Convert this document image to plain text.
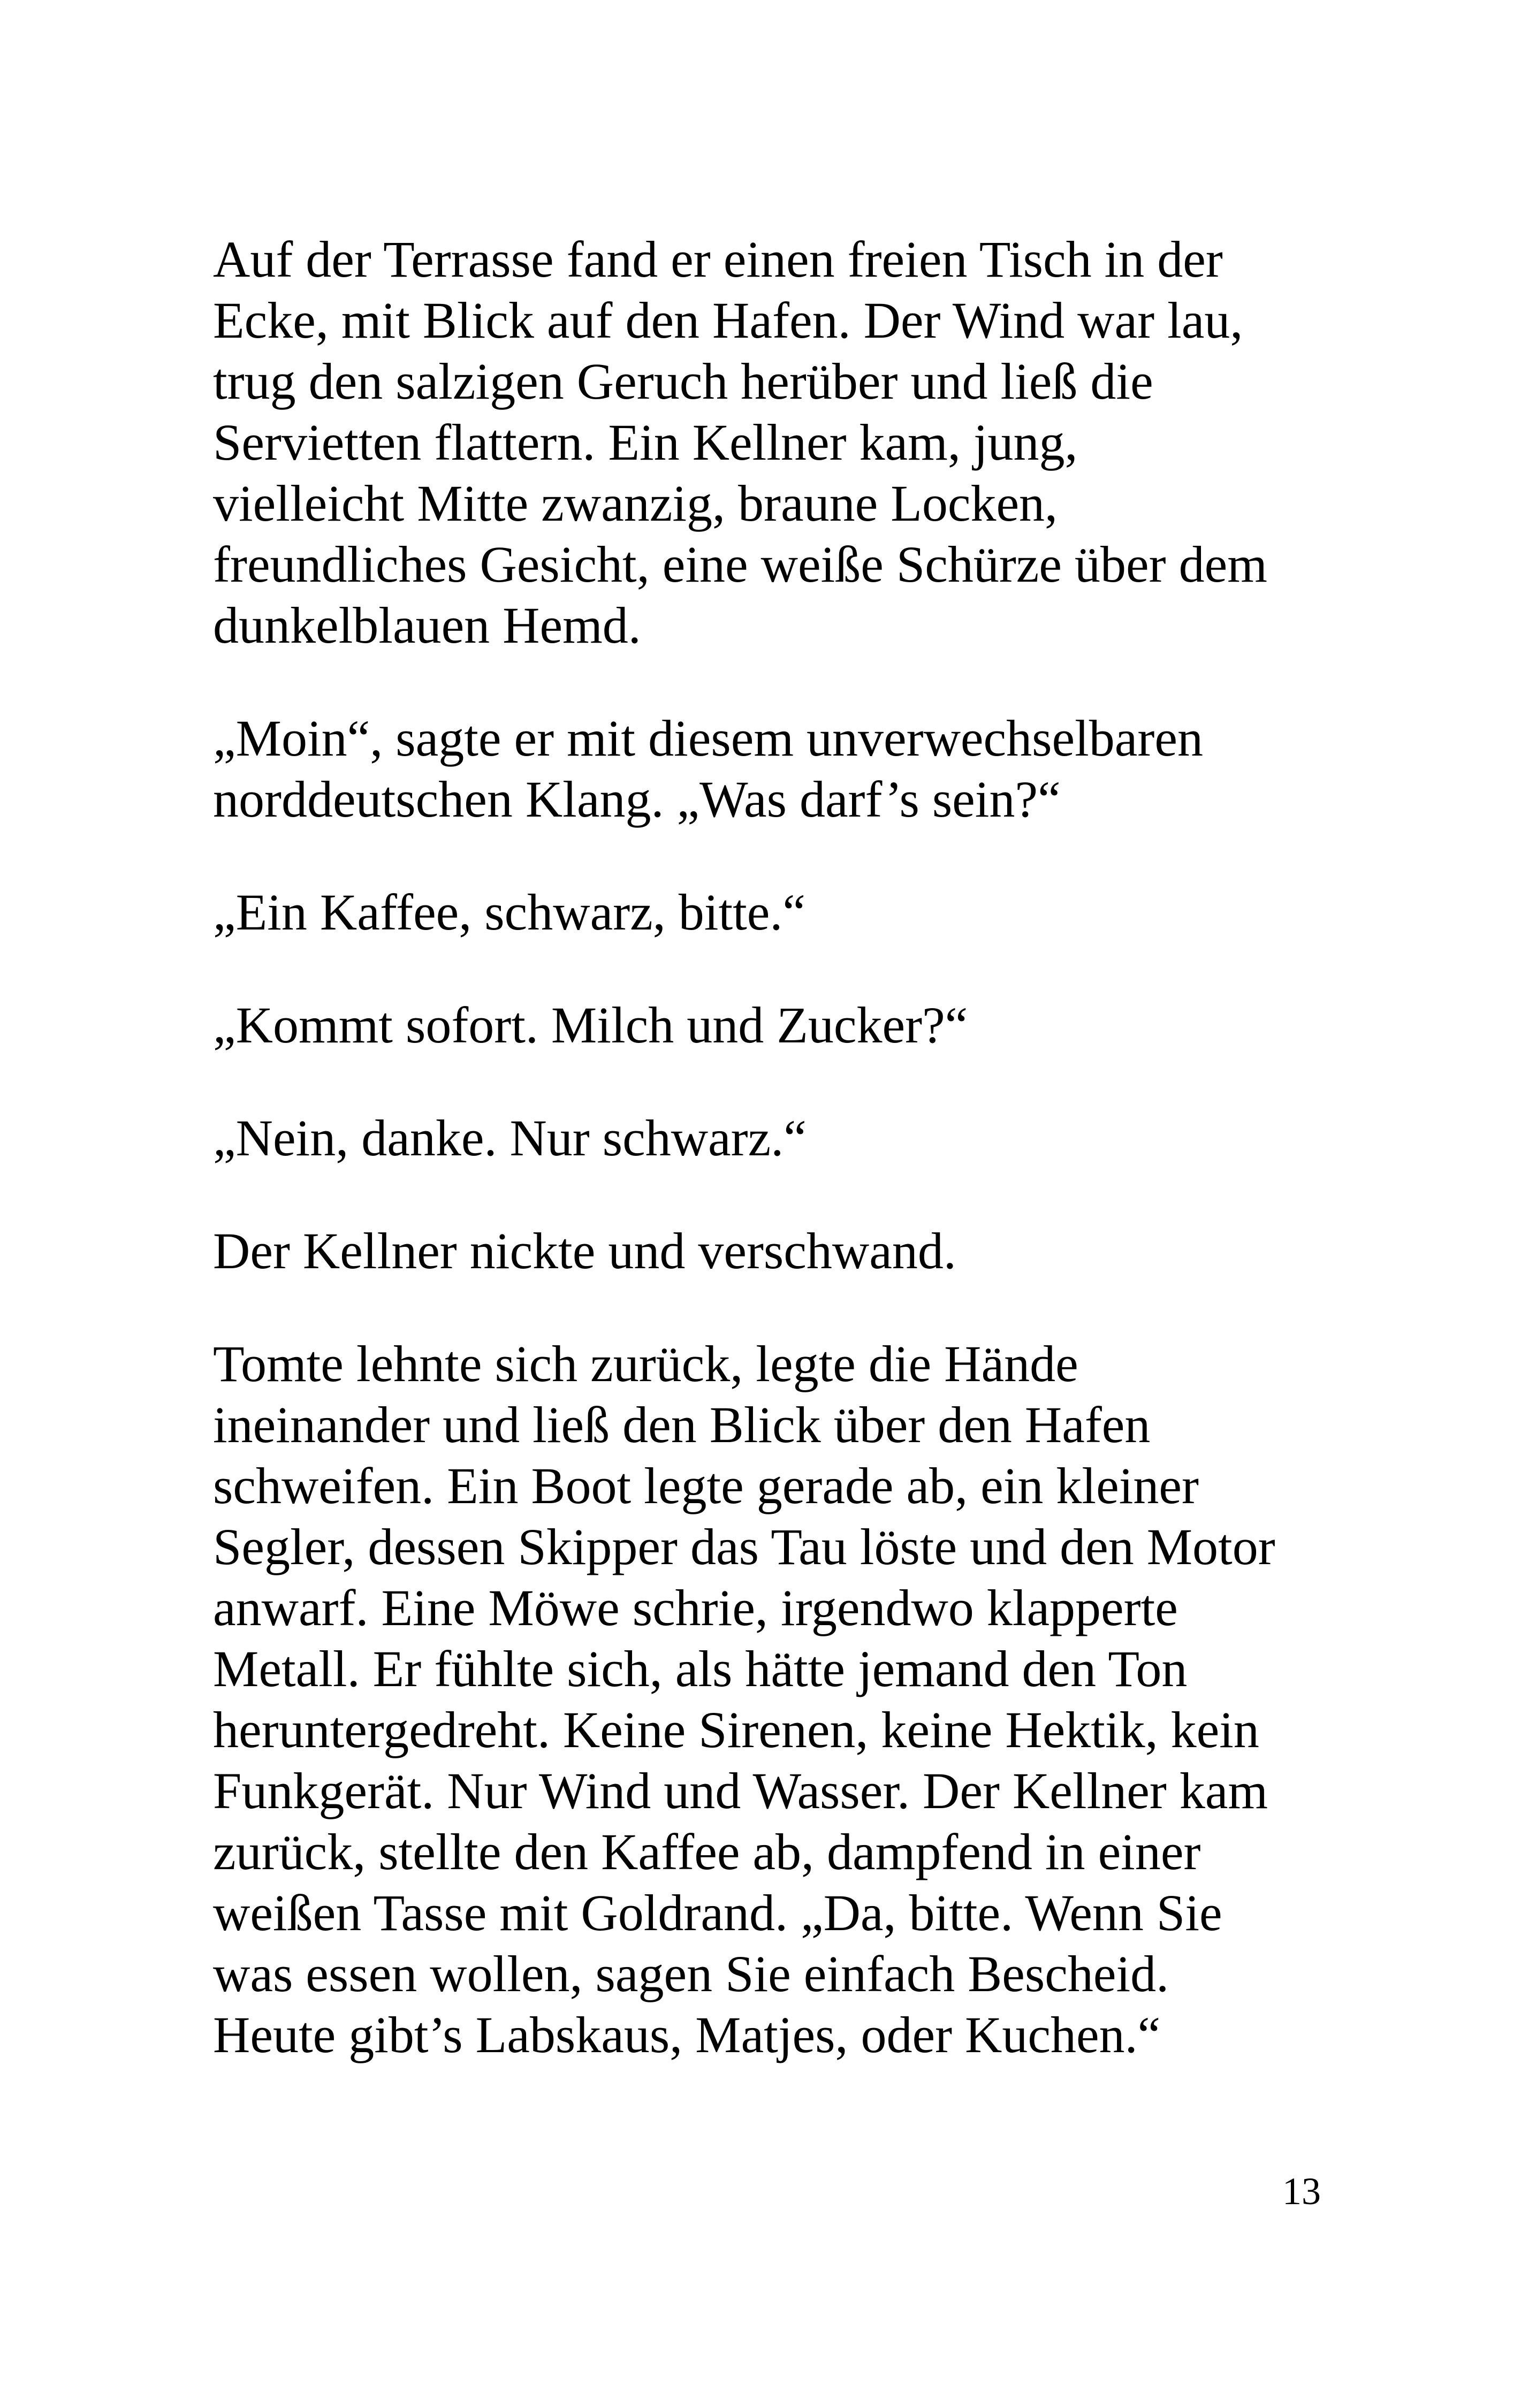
Auf der Terrasse fand er einen freien Tisch in der
Ecke, mit Blick auf den Hafen. Der Wind war lau,
trug den salzigen Geruch herüber und ließ die
Servietten flattern. Ein Kellner kam, jung,
vielleicht Mitte zwanzig, braune Locken,
freundliches Gesicht, eine weiße Schürze über dem
dunkelblauen Hemd.

„Moin“, sagte er mit diesem unverwechselbaren
norddeutschen Klang. „Was darf’s sein?“

„Ein Kaffee, schwarz, bitte.“

„Kommt sofort. Milch und Zucker?“

„Nein, danke. Nur schwarz.“

Der Kellner nickte und verschwand.

Tomte lehnte sich zurück, legte die Hände
ineinander und ließ den Blick über den Hafen
schweifen. Ein Boot legte gerade ab, ein kleiner
Segler, dessen Skipper das Tau löste und den Motor
anwarf. Eine Möwe schrie, irgendwo klapperte
Metall. Er fühlte sich, als hätte jemand den Ton
heruntergedreht. Keine Sirenen, keine Hektik, kein
Funkgerät. Nur Wind und Wasser. Der Kellner kam
zurück, stellte den Kaffee ab, dampfend in einer
weißen Tasse mit Goldrand. „Da, bitte. Wenn Sie
was essen wollen, sagen Sie einfach Bescheid.
Heute gibt’s Labskaus, Matjes, oder Kuchen.“

13
